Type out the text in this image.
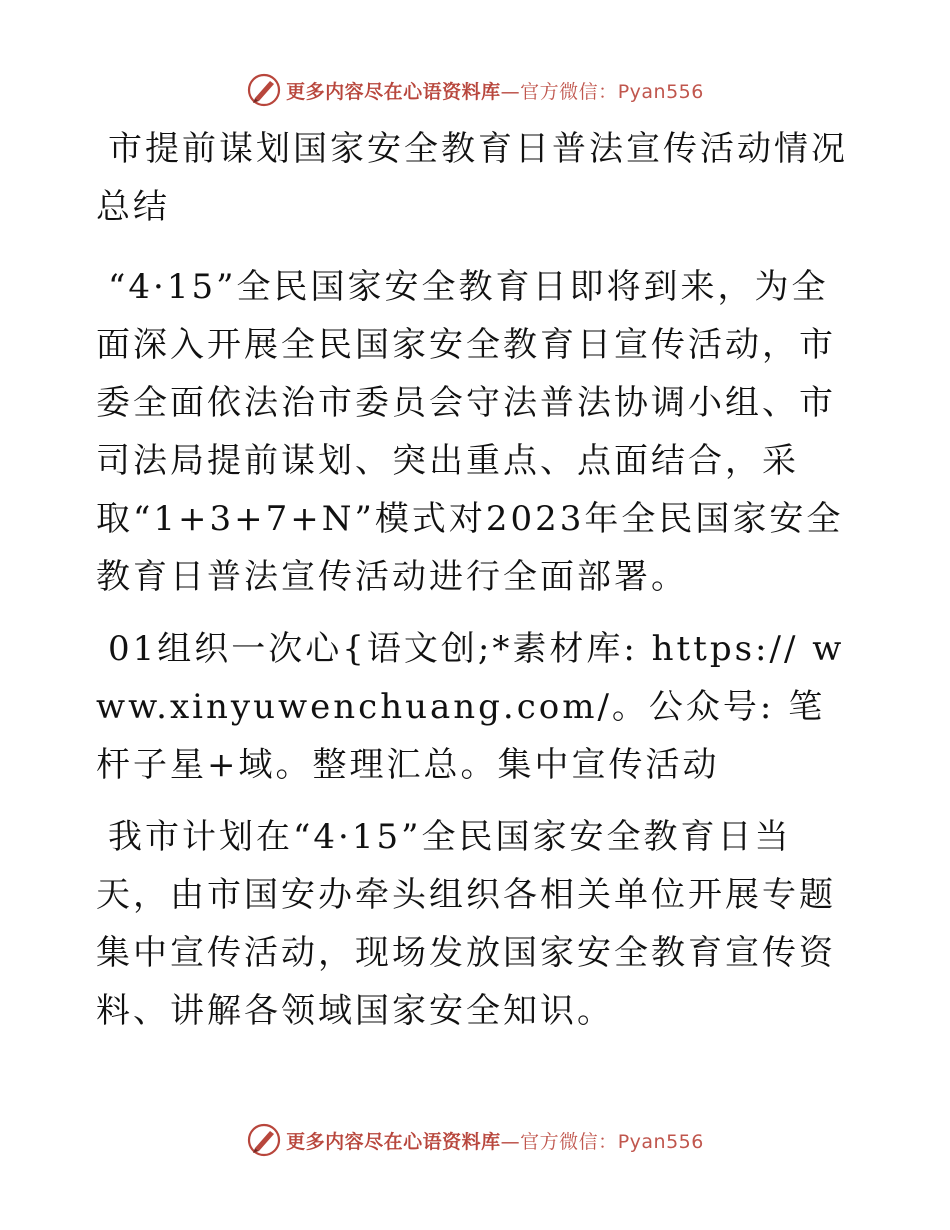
更多内容尽在心语资料库—官方微信：Pyan556
市提前谋划国家安全教育日普法宣传活动情况总结

“4·15”全民国家安全教育日即将到来，为全面深入开展全民国家安全教育日宣传活动，市委全面依法治市委员会守法普法协调小组、市司法局提前谋划、突出重点、点面结合，采取“1+3+7+N”模式对2023年全民国家安全教育日普法宣传活动进行全面部署。

01组织一次心{语文创;*素材库: https:// www.xinyuwenchuang.com/。公众号: 笔杆子星+域。整理汇总。集中宣传活动

我市计划在“4·15”全民国家安全教育日当天，由市国安办牵头组织各相关单位开展专题集中宣传活动，现场发放国家安全教育宣传资料、讲解各领域国家安全知识。

更多内容尽在心语资料库—官方微信：Pyan556
